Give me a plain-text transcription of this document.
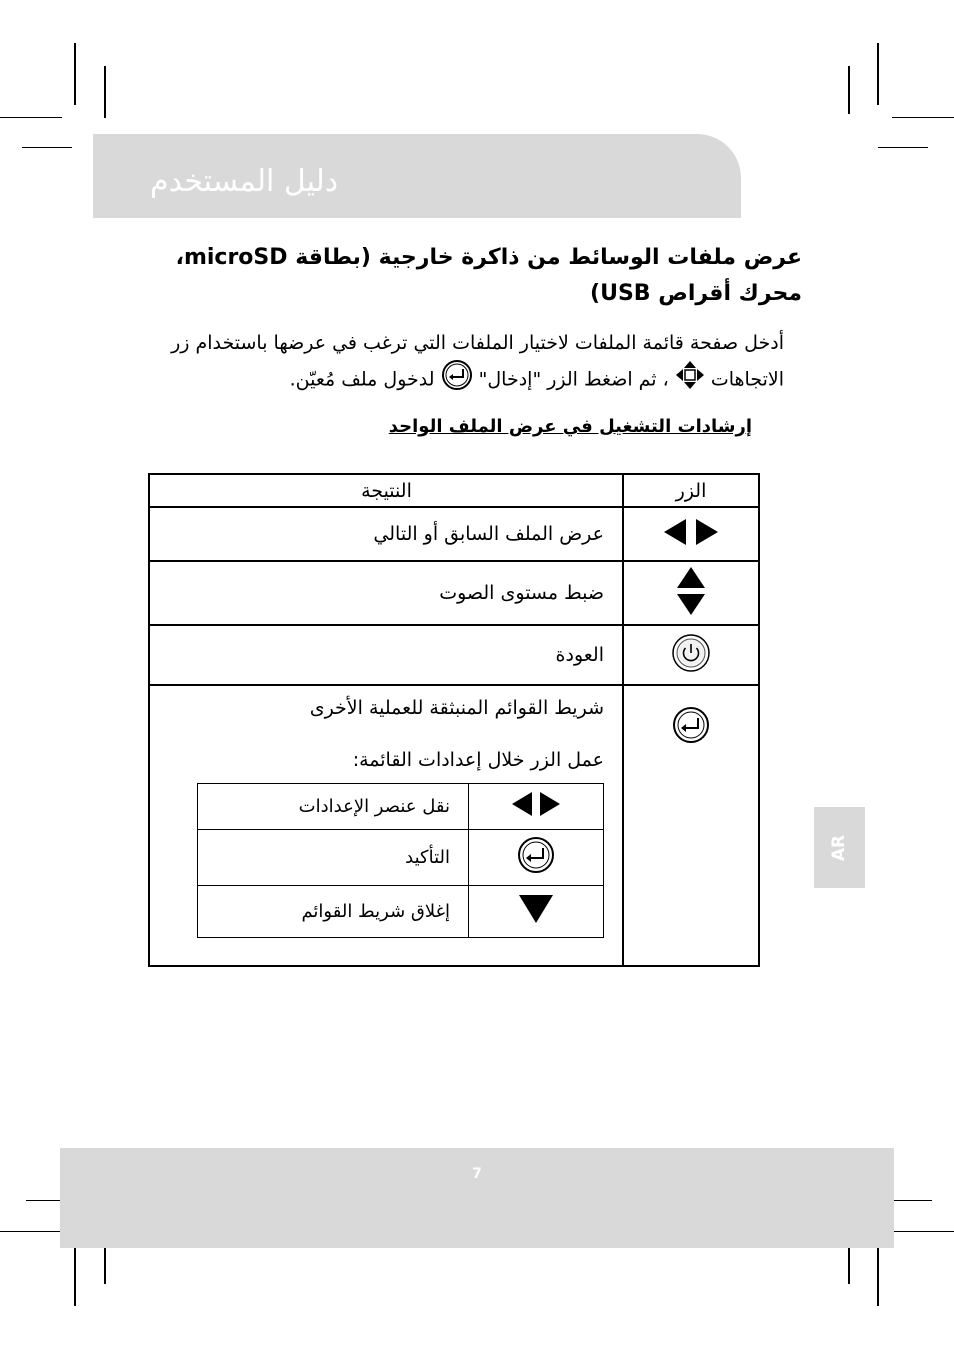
دليل المستخدم
عرض ملفات الوسائط من ذاكرة خارجية (بطاقة microSD، محرك أقراص USB)
أدخل صفحة قائمة الملفات لاختيار الملفات التي ترغب في عرضها باستخدام زر الاتجاهات  ، ثم اضغط الزر "إدخال"  لدخول ملف مُعيّن.
إرشادات التشغيل في عرض الملف الواحد
الزر	النتيجة
	عرض الملف السابق أو التالي
	ضبط مستوى الصوت
	العودة

شريط القوائم المنبثقة للعملية الأخرى
عمل الزر خلال إعدادات القائمة:
	نقل عنصر الإعدادات
	التأكيد
	إغلاق شريط القوائم
AR
7
